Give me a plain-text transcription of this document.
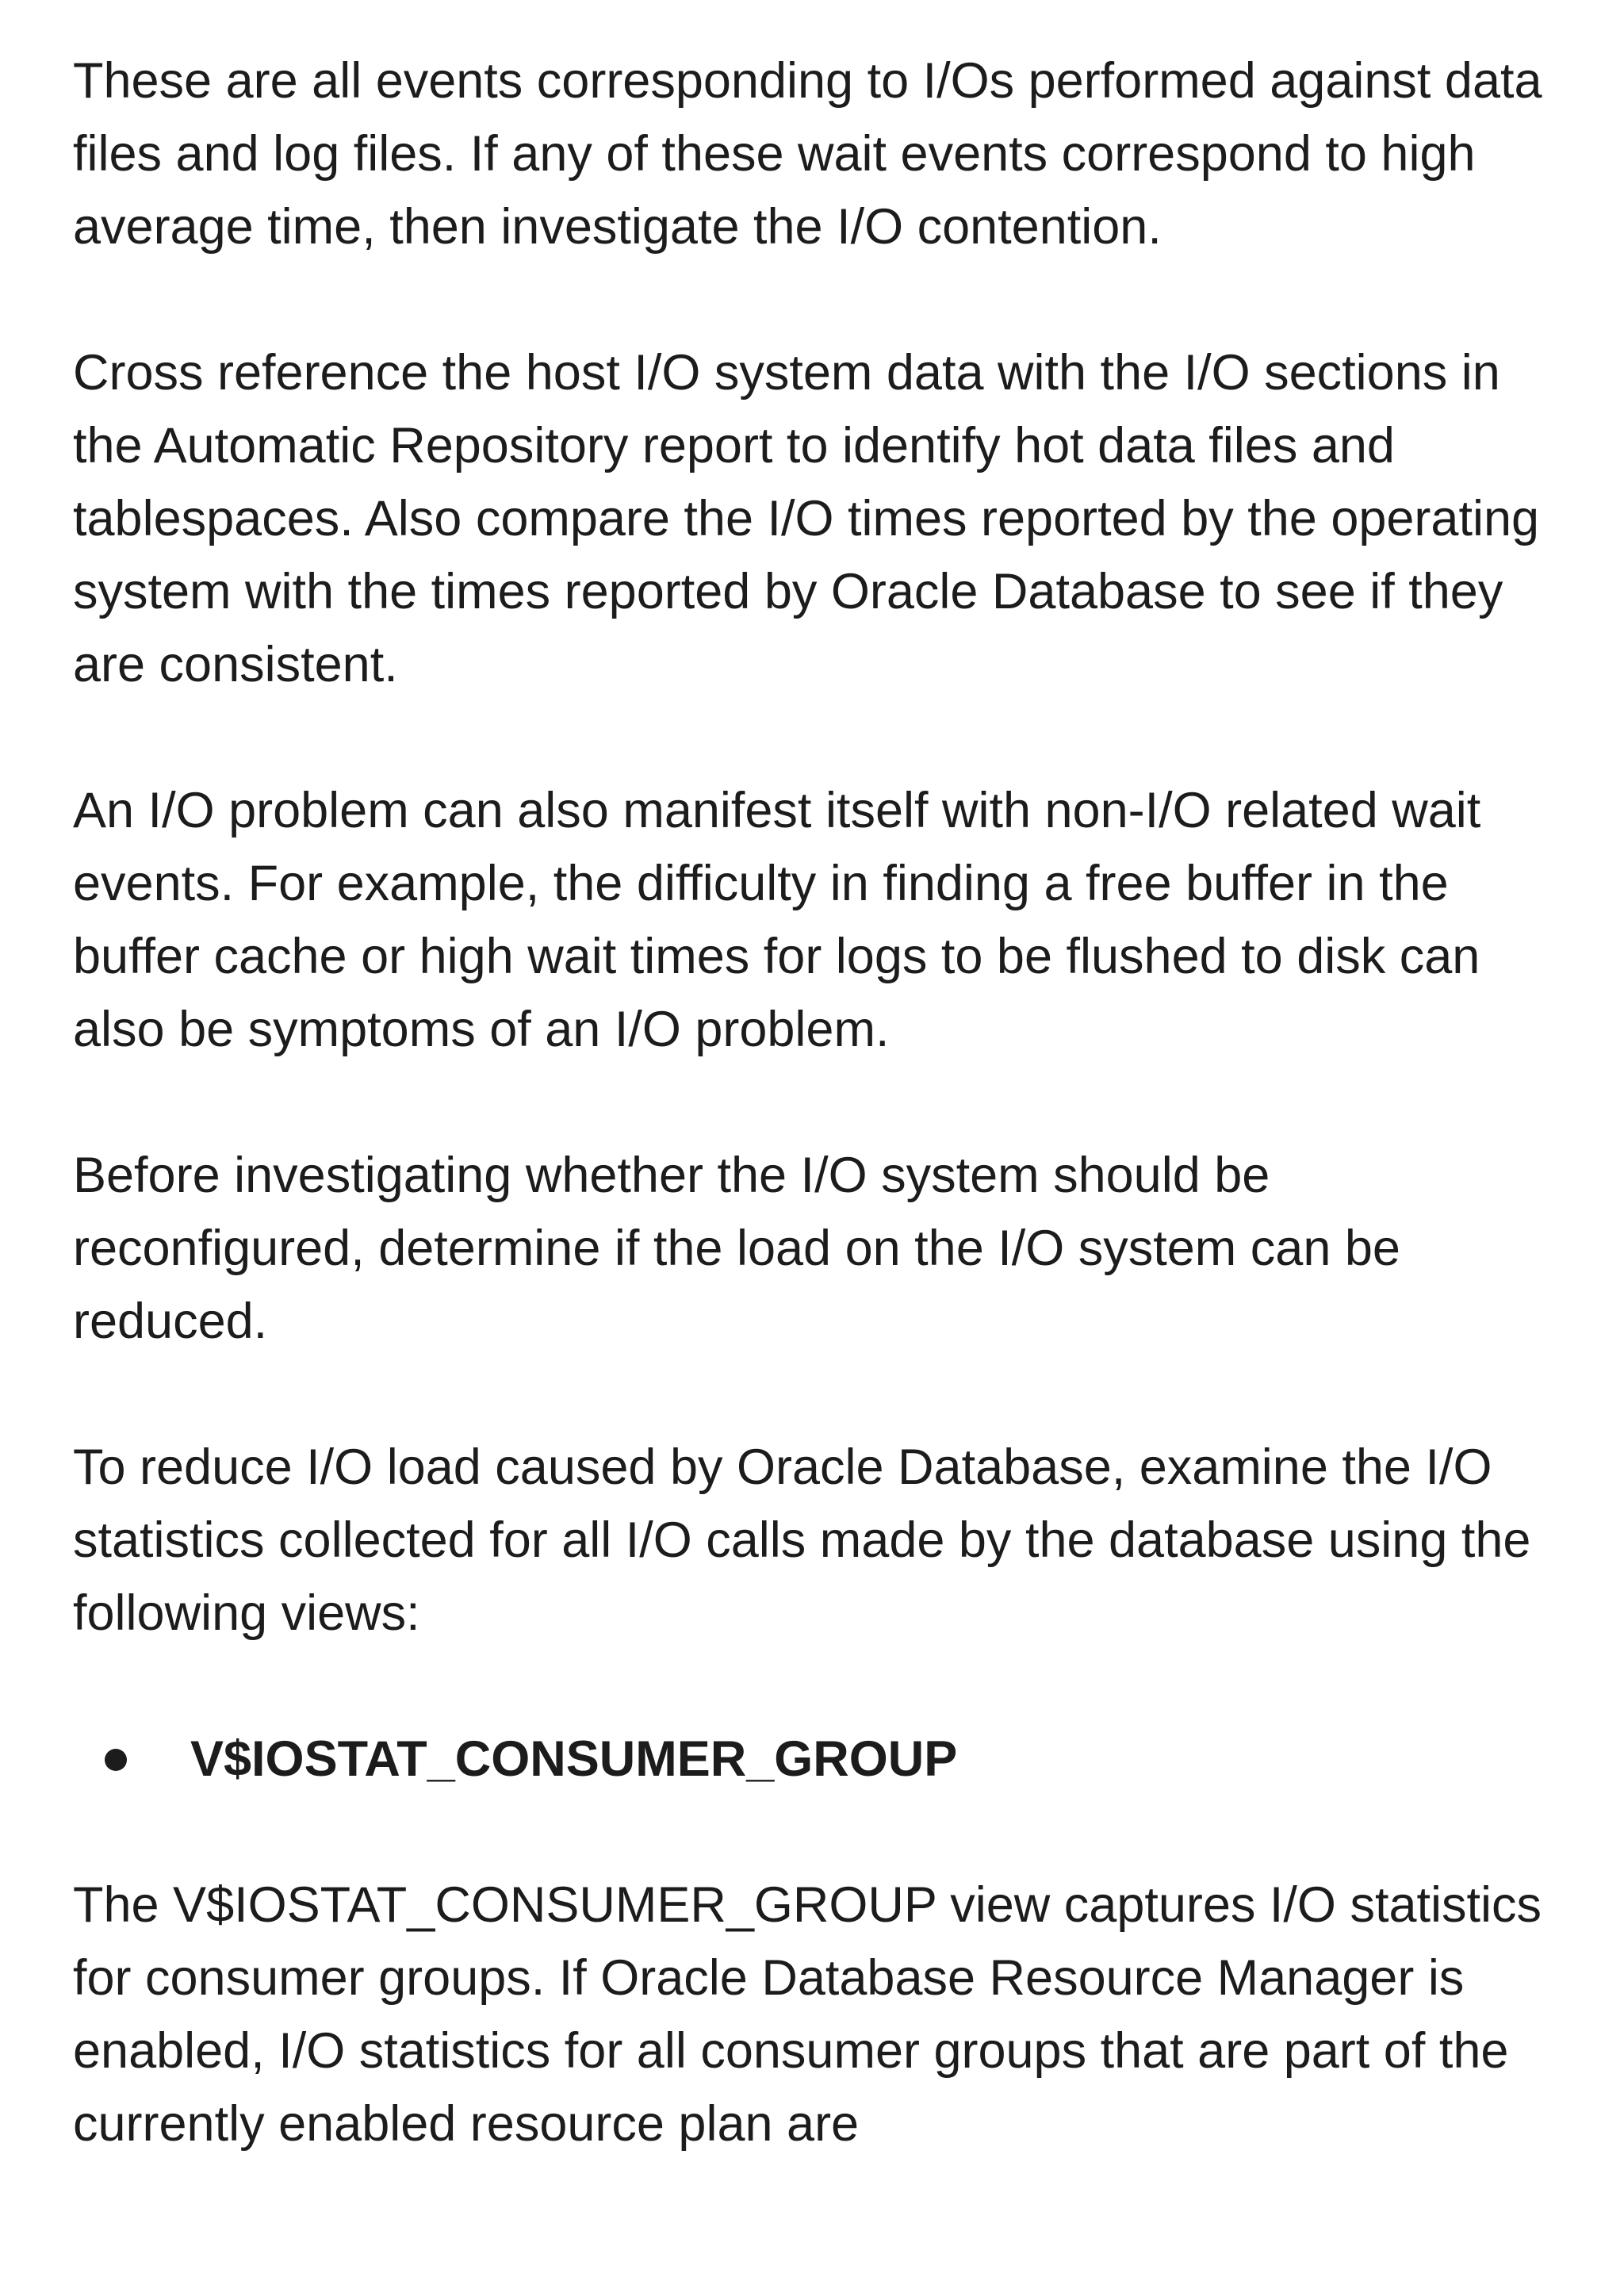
These are all events corresponding to I/Os performed against data files and log files. If any of these wait events correspond to high average time, then investigate the I/O contention.

Cross reference the host I/O system data with the I/O sections in the Automatic Repository report to identify hot data files and tablespaces. Also compare the I/O times reported by the operating system with the times reported by Oracle Database to see if they are consistent.

An I/O problem can also manifest itself with non-I/O related wait events. For example, the difficulty in finding a free buffer in the buffer cache or high wait times for logs to be flushed to disk can also be symptoms of an I/O problem.

Before investigating whether the I/O system should be reconfigured, determine if the load on the I/O system can be reduced.

To reduce I/O load caused by Oracle Database, examine the I/O statistics collected for all I/O calls made by the database using the following views:

V$IOSTAT_CONSUMER_GROUP

The V$IOSTAT_CONSUMER_GROUP view captures I/O statistics for consumer groups. If Oracle Database Resource Manager is enabled, I/O statistics for all consumer groups that are part of the currently enabled resource plan are
